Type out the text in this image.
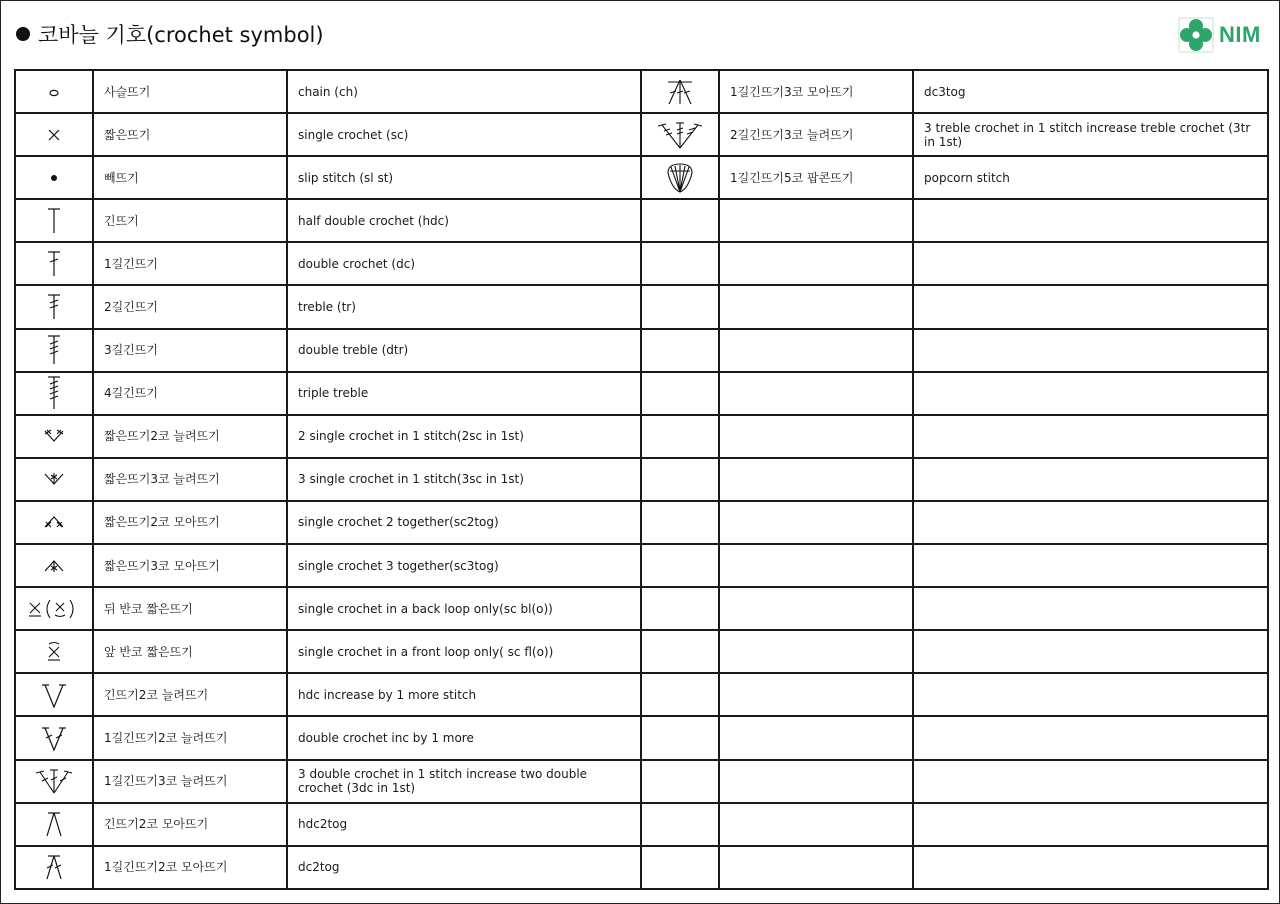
코바늘 기호(crochet symbol)	NIM
	사슬뜨기	chain (ch)		1길긴뜨기3코 모아뜨기	dc3tog

	짧은뜨기	single crochet (sc)		2길긴뜨기3코 늘려뜨기	3 treble crochet in 1 stitch increase treble crochet (3tr in 1st)

	빼뜨기	slip stitch (sl st)		1길긴뜨기5코 팝콘뜨기	popcorn stitch

	긴뜨기	half double crochet (hdc)			

	1길긴뜨기	double crochet (dc)			

	2길긴뜨기	treble (tr)			

	3길긴뜨기	double treble (dtr)			

	4길긴뜨기	triple treble			

	짧은뜨기2코 늘려뜨기	2 single crochet in 1 stitch(2sc in 1st)			

	짧은뜨기3코 늘려뜨기	3 single crochet in 1 stitch(3sc in 1st)			

	짧은뜨기2코 모아뜨기	single crochet 2 together(sc2tog)			

	짧은뜨기3코 모아뜨기	single crochet 3 together(sc3tog)			

	뒤 반코 짧은뜨기	single crochet in a back loop only(sc bl(o))			

	앞 반코 짧은뜨기	single crochet in a front loop only( sc fl(o))			

	긴뜨기2코 늘려뜨기	hdc increase by 1 more stitch			

	1길긴뜨기2코 늘려뜨기	double crochet inc by 1 more			

	1길긴뜨기3코 늘려뜨기	3 double crochet in 1 stitch increase two double crochet (3dc in 1st)			

	긴뜨기2코 모아뜨기	hdc2tog			

	1길긴뜨기2코 모아뜨기	dc2tog			
